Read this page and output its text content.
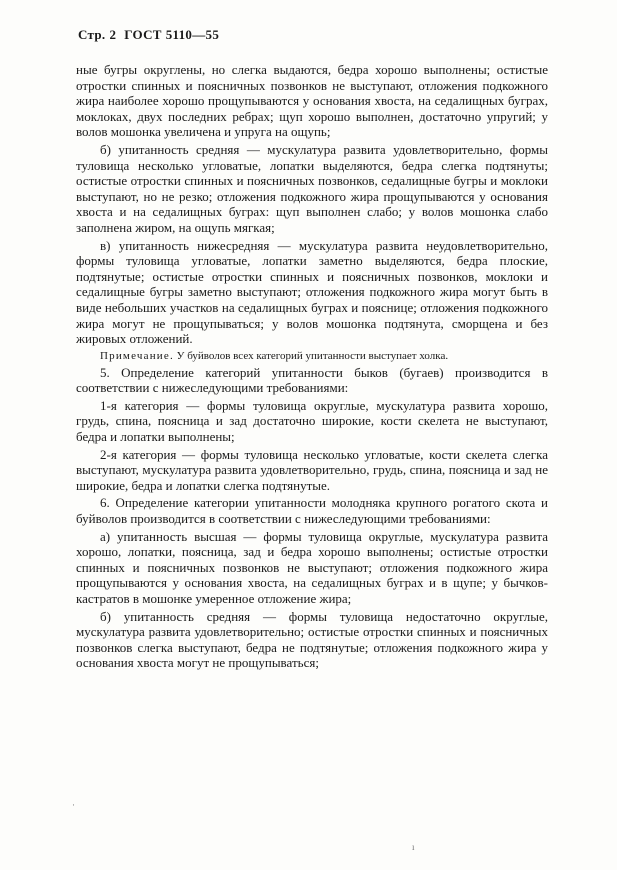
Стр. 2 ГОСТ 5110—55

ные бугры округлены, но слегка выдаются, бедра хорошо выполнены; остистые отростки спинных и поясничных позвонков не выступают, отложения подкожного жира наиболее хорошо прощупываются у основания хвоста, на седалищных буграх, моклоках, двух последних ребрах; щуп хорошо выполнен, достаточно упругий; у волов мошонка увеличена и упруга на ощупь;

б) упитанность средняя — мускулатура развита удовлетворительно, формы туловища несколько угловатые, лопатки выделяются, бедра слегка подтянуты; остистые отростки спинных и поясничных позвонков, седалищные бугры и моклоки выступают, но не резко; отложения подкожного жира прощупываются у основания хвоста и на седалищных буграх: щуп выполнен слабо; у волов мошонка слабо заполнена жиром, на ощупь мягкая;

в) упитанность нижесредняя — мускулатура развита неудовлетворительно, формы туловища угловатые, лопатки заметно выделяются, бедра плоские, подтянутые; остистые отростки спинных и поясничных позвонков, моклоки и седалищные бугры заметно выступают; отложения подкожного жира могут быть в виде небольших участков на седалищных буграх и пояснице; отложения подкожного жира могут не прощупываться; у волов мошонка подтянута, сморщена и без жировых отложений.

Примечание. У буйволов всех категорий упитанности выступает холка.

5. Определение категорий упитанности быков (бугаев) производится в соответствии с нижеследующими требованиями:

1-я категория — формы туловища округлые, мускулатура развита хорошо, грудь, спина, поясница и зад достаточно широкие, кости скелета не выступают, бедра и лопатки выполнены;

2-я категория — формы туловища несколько угловатые, кости скелета слегка выступают, мускулатура развита удовлетворительно, грудь, спина, поясница и зад не широкие, бедра и лопатки слегка подтянутые.

6. Определение категории упитанности молодняка крупного рогатого скота и буйволов производится в соответствии с нижеследующими требованиями:

а) упитанность высшая — формы туловища округлые, мускулатура развита хорошо, лопатки, поясница, зад и бедра хорошо выполнены; остистые отростки спинных и поясничных позвонков не выступают; отложения подкожного жира прощупываются у основания хвоста, на седалищных буграх и в щупе; у бычков-кастратов в мошонке умеренное отложение жира;

б) упитанность средняя — формы туловища недостаточно округлые, мускулатура развита удовлетворительно; остистые отростки спинных и поясничных позвонков слегка выступают, бедра не подтянутые; отложения подкожного жира у основания хвоста могут не прощупываться;

·
ı
